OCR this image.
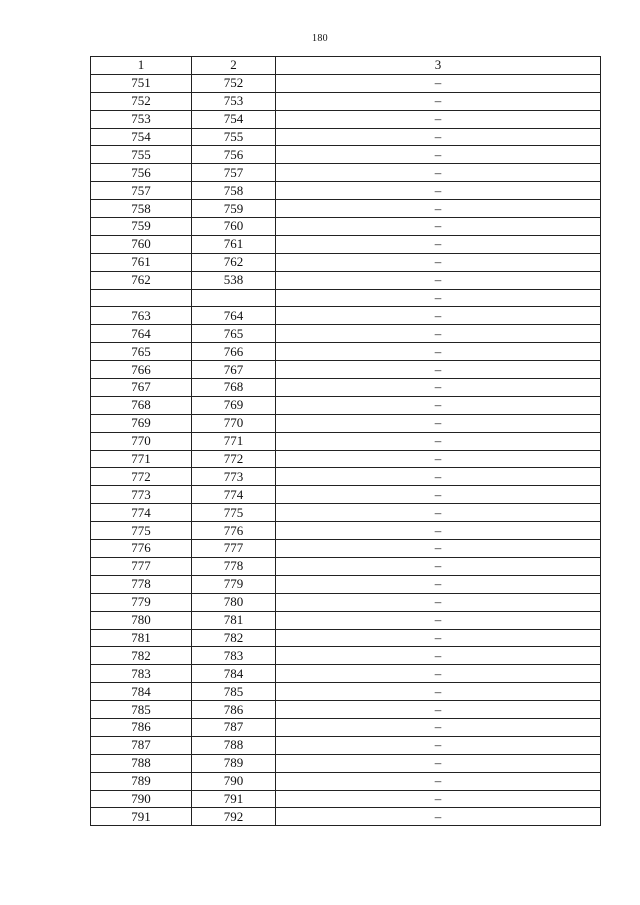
180
1	2	3
751	752	–
752	753	–
753	754	–
754	755	–
755	756	–
756	757	–
757	758	–
758	759	–
759	760	–
760	761	–
761	762	–
762	538	–
		–
763	764	–
764	765	–
765	766	–
766	767	–
767	768	–
768	769	–
769	770	–
770	771	–
771	772	–
772	773	–
773	774	–
774	775	–
775	776	–
776	777	–
777	778	–
778	779	–
779	780	–
780	781	–
781	782	–
782	783	–
783	784	–
784	785	–
785	786	–
786	787	–
787	788	–
788	789	–
789	790	–
790	791	–
791	792	–
